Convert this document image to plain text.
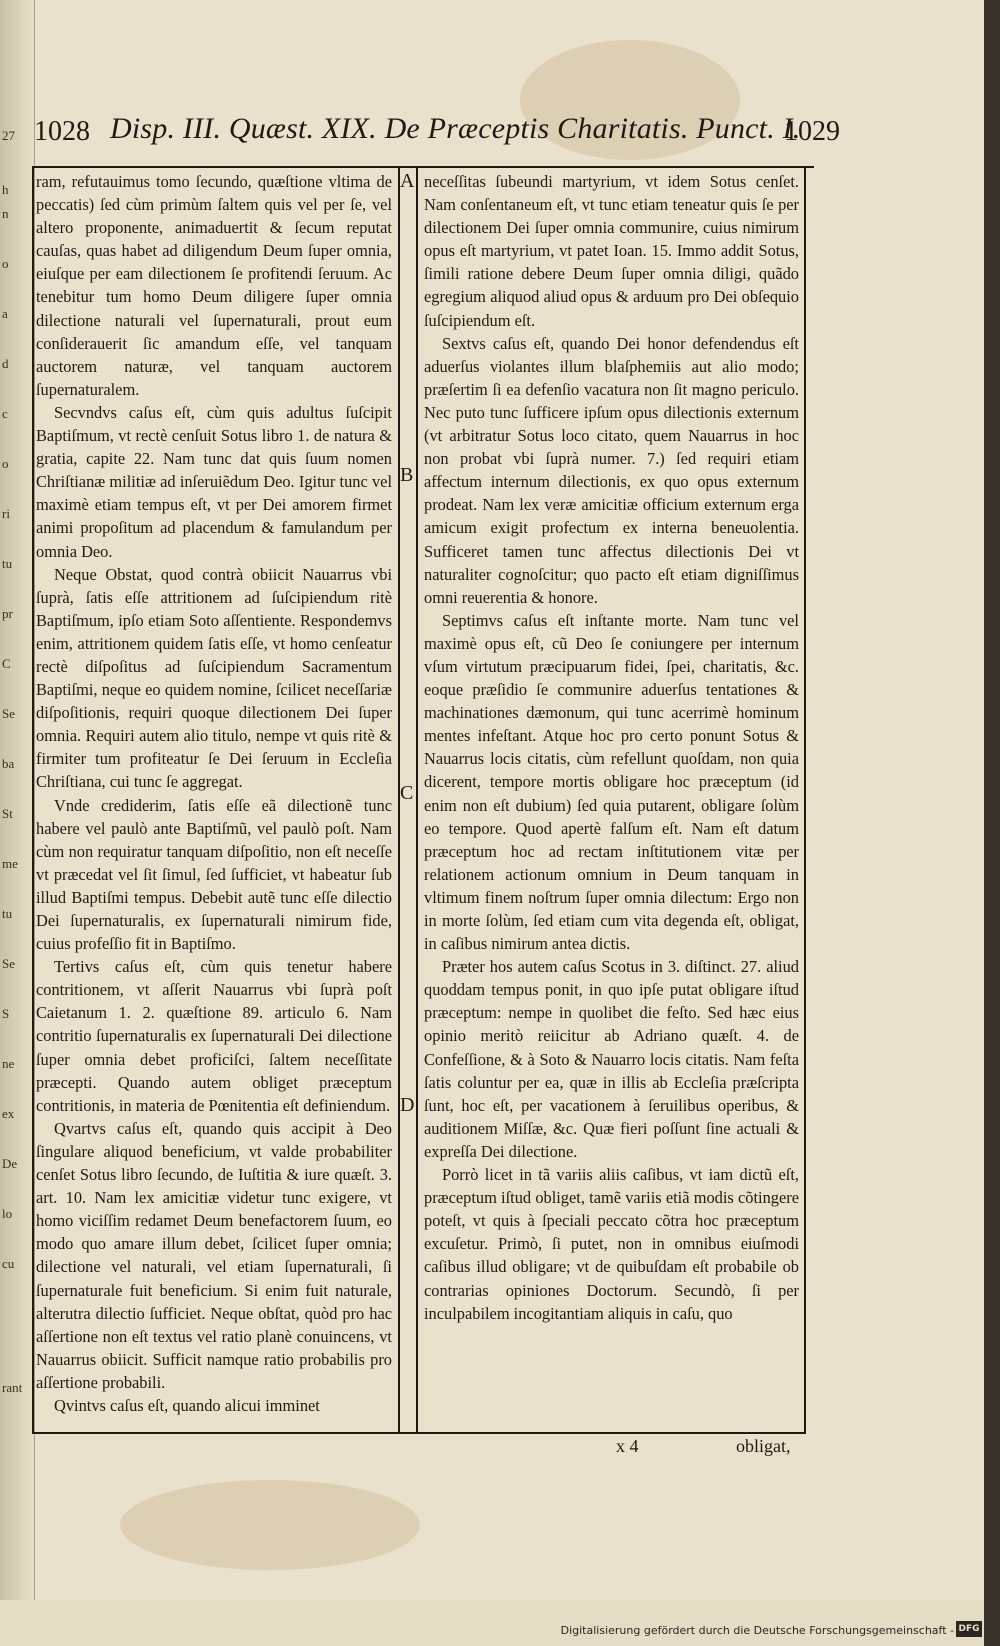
27
h
n
o
a
d
c
o
ri
tu
pr
C
Se
ba
St
me
tu
Se
S
ne
ex
De
lo
cu
rant
1028 Disp. III. Quæst. XIX. De Præceptis Charitatis. Punct. I.
1029
A
B
C
D

ram, refutauimus tomo ſecundo, quæſtione vltima de peccatis) ſed cùm primùm ſaltem quis vel per ſe, vel altero proponente, animaduertit & ſecum reputat cauſas, quas habet ad diligendum Deum ſuper omnia, eiuſque per eam dilectionem ſe profitendi ſeruum. Ac tenebitur tum homo Deum diligere ſuper omnia dilectione naturali vel ſupernaturali, prout eum conſiderauerit ſic amandum eſſe, vel tanquam auctorem naturæ, vel tanquam auctorem ſupernaturalem.

Secvndvs caſus eſt, cùm quis adultus ſuſcipit Baptiſmum, vt rectè cenſuit Sotus libro 1. de natura & gratia, capite 22. Nam tunc dat quis ſuum nomen Chriſtianæ militiæ ad inſeruiẽdum Deo. Igitur tunc vel maximè etiam tempus eſt, vt per Dei amorem firmet animi propoſitum ad placendum & famulandum per omnia Deo.

Neque Obstat, quod contrà obiicit Nauarrus vbi ſuprà, ſatis eſſe attritionem ad ſuſcipiendum ritè Baptiſmum, ipſo etiam Soto aſſentiente. Respondemvs enim, attritionem quidem ſatis eſſe, vt homo cenſeatur rectè diſpoſitus ad ſuſcipiendum Sacramentum Baptiſmi, neque eo quidem nomine, ſcilicet neceſſariæ diſpoſitionis, requiri quoque dilectionem Dei ſuper omnia. Requiri autem alio titulo, nempe vt quis ritè & firmiter tum profiteatur ſe Dei ſeruum in Eccleſia Chriſtiana, cui tunc ſe aggregat.

Vnde crediderim, ſatis eſſe eã dilectionẽ tunc habere vel paulò ante Baptiſmũ, vel paulò poſt. Nam cùm non requiratur tanquam diſpoſitio, non eſt neceſſe vt præcedat vel ſit ſimul, ſed ſufficiet, vt habeatur ſub illud Baptiſmi tempus. Debebit autẽ tunc eſſe dilectio Dei ſupernaturalis, ex ſupernaturali nimirum fide, cuius profeſſio fit in Baptiſmo.

Tertivs caſus eſt, cùm quis tenetur habere contritionem, vt aſſerit Nauarrus vbi ſuprà poſt Caietanum 1. 2. quæſtione 89. articulo 6. Nam contritio ſupernaturalis ex ſupernaturali Dei dilectione ſuper omnia debet proficiſci, ſaltem neceſſitate præcepti. Quando autem obliget præceptum contritionis, in materia de Pœnitentia eſt definiendum.

Qvartvs caſus eſt, quando quis accipit à Deo ſingulare aliquod beneficium, vt valde probabiliter cenſet Sotus libro ſecundo, de Iuſtitia & iure quæſt. 3. art. 10. Nam lex amicitiæ videtur tunc exigere, vt homo viciſſim redamet Deum benefactorem ſuum, eo modo quo amare illum debet, ſcilicet ſuper omnia; dilectione vel naturali, vel etiam ſupernaturali, ſi ſupernaturale fuit beneficium. Si enim fuit naturale, alterutra dilectio ſufficiet. Neque obſtat, quòd pro hac aſſertione non eſt textus vel ratio planè conuincens, vt Nauarrus obiicit. Sufficit namque ratio probabilis pro aſſertione probabili.

Qvintvs caſus eſt, quando alicui imminet

neceſſitas ſubeundi martyrium, vt idem Sotus cenſet. Nam conſentaneum eſt, vt tunc etiam teneatur quis ſe per dilectionem Dei ſuper omnia communire, cuius nimirum opus eſt martyrium, vt patet Ioan. 15. Immo addit Sotus, ſimili ratione debere Deum ſuper omnia diligi, quãdo egregium aliquod aliud opus & arduum pro Dei obſequio ſuſcipiendum eſt.

Sextvs caſus eſt, quando Dei honor defendendus eſt aduerſus violantes illum blaſphemiis aut alio modo; præſertim ſi ea defenſio vacatura non ſit magno periculo. Nec puto tunc ſufficere ipſum opus dilectionis externum (vt arbitratur Sotus loco citato, quem Nauarrus in hoc non probat vbi ſuprà numer. 7.) ſed requiri etiam affectum internum dilectionis, ex quo opus externum prodeat. Nam lex veræ amicitiæ officium externum erga amicum exigit profectum ex interna beneuolentia. Sufficeret tamen tunc affectus dilectionis Dei vt naturaliter cognoſcitur; quo pacto eſt etiam digniſſimus omni reuerentia & honore.

Septimvs caſus eſt inſtante morte. Nam tunc vel maximè opus eſt, cũ Deo ſe coniungere per internum vſum virtutum præcipuarum fidei, ſpei, charitatis, &c. eoque præſidio ſe communire aduerſus tentationes & machinationes dæmonum, qui tunc acerrimè hominum mentes infeſtant. Atque hoc pro certo ponunt Sotus & Nauarrus locis citatis, cùm refellunt quoſdam, non quia dicerent, tempore mortis obligare hoc præceptum (id enim non eſt dubium) ſed quia putarent, obligare ſolùm eo tempore. Quod apertè falſum eſt. Nam eſt datum præceptum hoc ad rectam inſtitutionem vitæ per relationem actionum omnium in Deum tanquam in vltimum finem noſtrum ſuper omnia dilectum: Ergo non in morte ſolùm, ſed etiam cum vita degenda eſt, obligat, in caſibus nimirum antea dictis.

Præter hos autem caſus Scotus in 3. diſtinct. 27. aliud quoddam tempus ponit, in quo ipſe putat obligare iſtud præceptum: nempe in quolibet die feſto. Sed hæc eius opinio meritò reiicitur ab Adriano quæſt. 4. de Confeſſione, & à Soto & Nauarro locis citatis. Nam feſta ſatis coluntur per ea, quæ in illis ab Eccleſia præſcripta ſunt, hoc eſt, per vacationem à ſeruilibus operibus, & auditionem Miſſæ, &c. Quæ fieri poſſunt ſine actuali & expreſſa Dei dilectione.

Porrò licet in tã variis aliis caſibus, vt iam dictũ eſt, præceptum iſtud obliget, tamẽ variis etiã modis cõtingere poteſt, vt quis à ſpeciali peccato cõtra hoc præceptum excuſetur. Primò, ſi putet, non in omnibus eiuſmodi caſibus illud obligare; vt de quibuſdam eſt probabile ob contrarias opiniones Doctorum. Secundò, ſi per inculpabilem incogitantiam aliquis in caſu, quo

x 4	obligat,
Digitalisierung gefördert durch die Deutsche Forschungsgemeinschaft - DFG
